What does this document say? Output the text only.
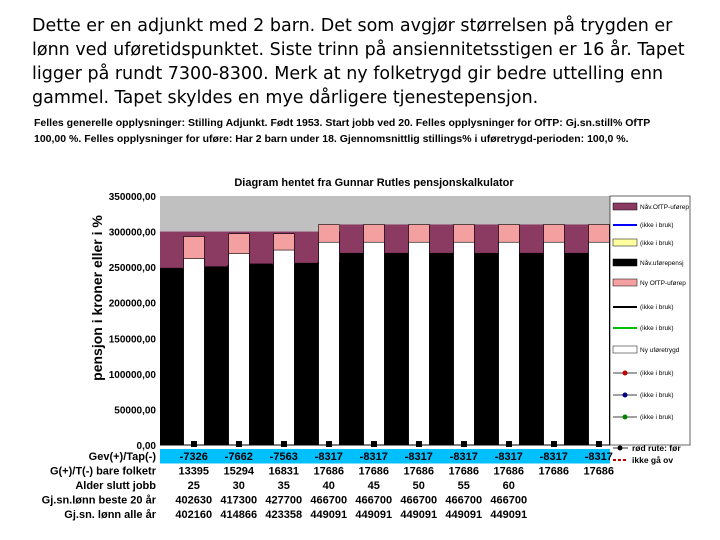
Dette er en adjunkt med 2 barn. Det som avgjør størrelsen på trygden er lønn ved uføretidspunktet. Siste trinn på ansiennitetsstigen er 16 år. Tapet ligger på rundt 7300-8300. Merk at ny folketrygd gir bedre uttelling enn gammel. Tapet skyldes en mye dårligere tjenestepensjon.

Felles generelle opplysninger: Stilling Adjunkt. Født 1953. Start jobb ved 20. Felles opplysninger for OfTP: Gj.sn.still% OfTP
100,00 %. Felles opplysninger for uføre: Har 2 barn under 18. Gjennomsnittlig stillings% i uføretrygd-perioden: 100,0 %.
Diagram hentet fra Gunnar Rutles pensjonskalkulator
pensjon i kroner eller i %
0,00
50000,00
100000,00
150000,00
200000,00
250000,00
300000,00
350000,00
Nåv.OfTP-uførep
(ikke i bruk)
(ikke i bruk)
Nåv.uførepensj
Ny OfTP-uførep
(ikke i bruk)
(ikke i bruk)
Ny uføretrygd
(ikke i bruk)
(ikke i bruk)
(ikke i bruk)
rød rute: før
ikke gå ov
Gev(+)/Tap(-) -7326 -7662 -7563 -8317 -8317 -8317 -8317 -8317 -8317 -8317
G(+)/T(-) bare folketr 13395 15294 16831 17686 17686 17686 17686 17686 17686 17686
Alder slutt jobb	25	30	35	40	45	50	55	60
Gj.sn.lønn beste 20 år 402630 417300 427700 466700 466700 466700 466700 466700
Gj.sn. lønn alle år 402160 414866 423358 449091 449091 449091 449091 449091
